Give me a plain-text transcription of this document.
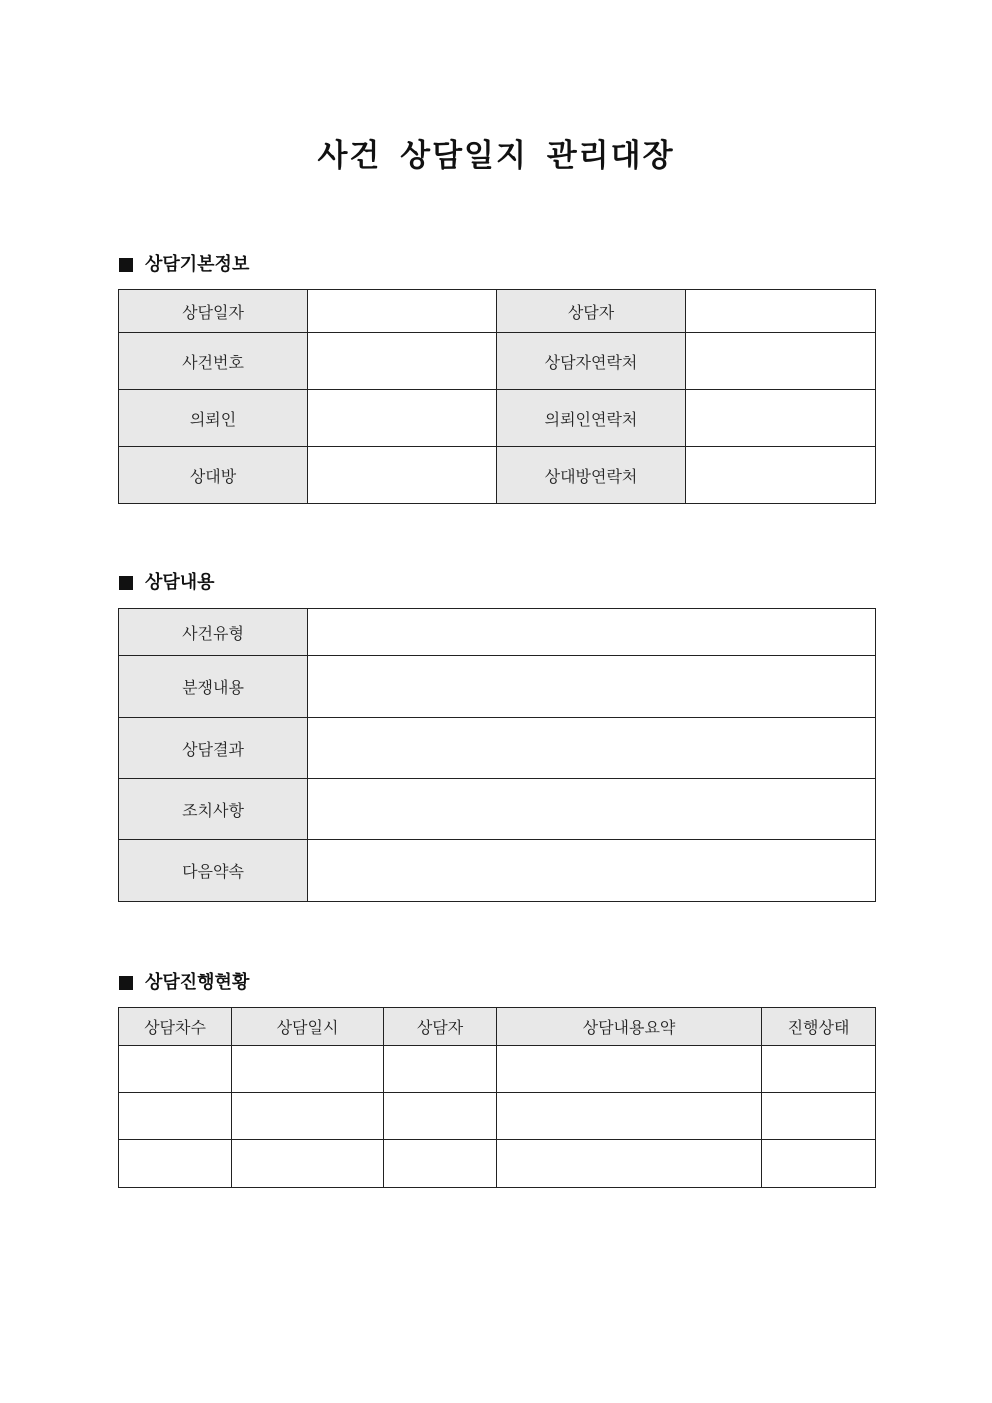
사건 상담일지 관리대장
상담기본정보
상담일자		상담자	
사건번호		상담자연락처	
의뢰인		의뢰인연락처	
상대방		상대방연락처	
상담내용
사건유형	
분쟁내용	
상담결과	
조치사항	
다음약속	
상담진행현황
상담차수	상담일시	상담자	상담내용요약	진행상태
